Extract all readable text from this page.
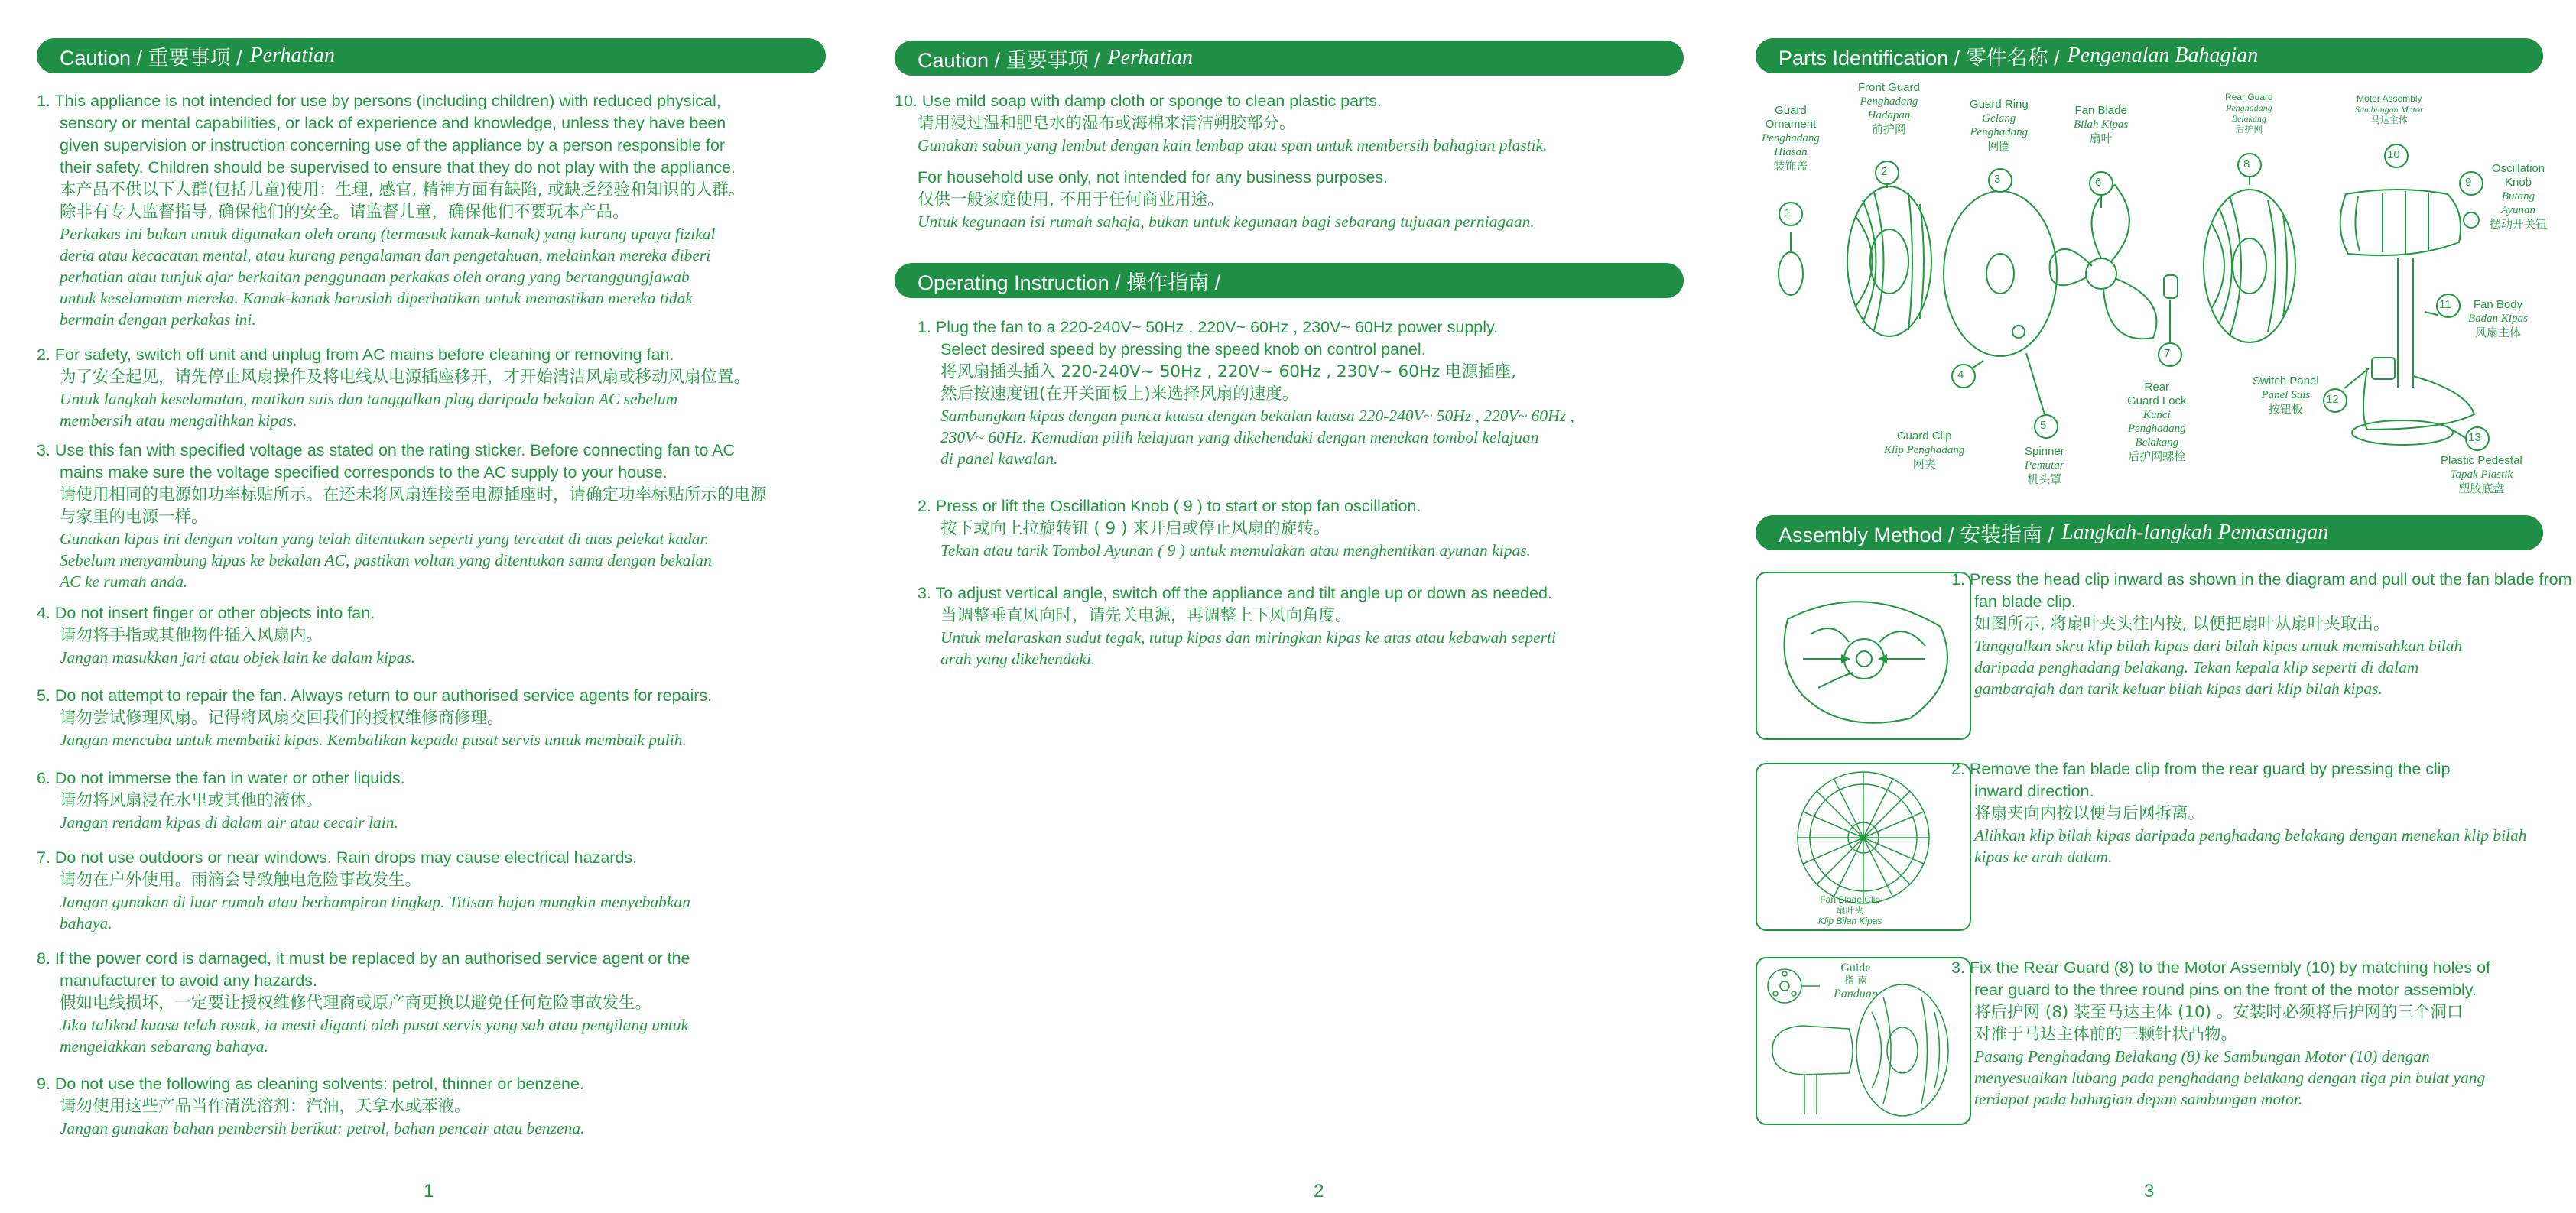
Caution / 重要事项 / Perhatian
1. This appliance is not intended for use by persons (including children) with reduced physical,
sensory or mental capabilities, or lack of experience and knowledge, unless they have been
given supervision or instruction concerning use of the appliance by a person responsible for
their safety. Children should be supervised to ensure that they do not play with the appliance.
本产品不供以下人群(包括儿童)使用：生理, 感官, 精神方面有缺陷, 或缺乏经验和知识的人群。
除非有专人监督指导, 确保他们的安全。请监督儿童，确保他们不要玩本产品。
Perkakas ini bukan untuk digunakan oleh orang (termasuk kanak-kanak) yang kurang upaya fizikal
deria atau kecacatan mental, atau kurang pengalaman dan pengetahuan, melainkan mereka diberi
perhatian atau tunjuk ajar berkaitan penggunaan perkakas oleh orang yang bertanggungjawab
untuk keselamatan mereka. Kanak-kanak haruslah diperhatikan untuk memastikan mereka tidak
bermain dengan perkakas ini.
2. For safety, switch off unit and unplug from AC mains before cleaning or removing fan.
为了安全起见，请先停止风扇操作及将电线从电源插座移开，才开始清洁风扇或移动风扇位置。
Untuk langkah keselamatan, matikan suis dan tanggalkan plag daripada bekalan AC sebelum
membersih atau mengalihkan kipas.
3. Use this fan with specified voltage as stated on the rating sticker. Before connecting fan to AC
mains make sure the voltage specified corresponds to the AC supply to your house.
请使用相同的电源如功率标贴所示。在还未将风扇连接至电源插座时，请确定功率标贴所示的电源
与家里的电源一样。
Gunakan kipas ini dengan voltan yang telah ditentukan seperti yang tercatat di atas pelekat kadar.
Sebelum menyambung kipas ke bekalan AC, pastikan voltan yang ditentukan sama dengan bekalan
AC ke rumah anda.
4. Do not insert finger or other objects into fan.
请勿将手指或其他物件插入风扇内。
Jangan masukkan jari atau objek lain ke dalam kipas.
5. Do not attempt to repair the fan. Always return to our authorised service agents for repairs.
请勿尝试修理风扇。记得将风扇交回我们的授权维修商修理。
Jangan mencuba untuk membaiki kipas. Kembalikan kepada pusat servis untuk membaik pulih.
6. Do not immerse the fan in water or other liquids.
请勿将风扇浸在水里或其他的液体。
Jangan rendam kipas di dalam air atau cecair lain.
7. Do not use outdoors or near windows. Rain drops may cause electrical hazards.
请勿在户外使用。雨滴会导致触电危险事故发生。
Jangan gunakan di luar rumah atau berhampiran tingkap. Titisan hujan mungkin menyebabkan
bahaya.
8. If the power cord is damaged, it must be replaced by an authorised service agent or the
manufacturer to avoid any hazards.
假如电线损坏，一定要让授权维修代理商或原产商更换以避免任何危险事故发生。
Jika talikod kuasa telah rosak, ia mesti diganti oleh pusat servis yang sah atau pengilang untuk
mengelakkan sebarang bahaya.
9. Do not use the following as cleaning solvents: petrol, thinner or benzene.
请勿使用这些产品当作清洗溶剂：汽油，天拿水或苯液。
Jangan gunakan bahan pembersih berikut: petrol, bahan pencair atau benzena.
1
Caution / 重要事项 / Perhatian
10. Use mild soap with damp cloth or sponge to clean plastic parts.
请用浸过温和肥皂水的湿布或海棉来清洁朔胶部分。
Gunakan sabun yang lembut dengan kain lembap atau span untuk membersih bahagian plastik.
For household use only, not intended for any business purposes.
仅供一般家庭使用, 不用于任何商业用途。
Untuk kegunaan isi rumah sahaja, bukan untuk kegunaan bagi sebarang tujuaan perniagaan.
Operating Instruction / 操作指南 /
1. Plug the fan to a 220-240V~ 50Hz , 220V~ 60Hz , 230V~ 60Hz power supply.
Select desired speed by pressing the speed knob on control panel.
将风扇插头插入 220-240V~ 50Hz , 220V~ 60Hz , 230V~ 60Hz 电源插座,
然后按速度钮(在开关面板上)来选择风扇的速度。
Sambungkan kipas dengan punca kuasa dengan bekalan kuasa 220-240V~ 50Hz , 220V~ 60Hz ,
230V~ 60Hz. Kemudian pilih kelajuan yang dikehendaki dengan menekan tombol kelajuan
di panel kawalan.
2. Press or lift the Oscillation Knob ( 9 ) to start or stop fan oscillation.
按下或向上拉旋转钮 ( 9 ) 来开启或停止风扇的旋转。
Tekan atau tarik Tombol Ayunan ( 9 ) untuk memulakan atau menghentikan ayunan kipas.
3. To adjust vertical angle, switch off the appliance and tilt angle up or down as needed.
当调整垂直风向时，请先关电源，再调整上下风向角度。
Untuk melaraskan sudut tegak, tutup kipas dan miringkan kipas ke atas atau kebawah seperti
arah yang dikehendaki.
2
Parts Identification / 零件名称 / Pengenalan Bahagian
1
2
3	6
8
10
9
11
7
12
4
5
13
Guard
Ornament
Penghadang
Hiasan
装饰盖
Front Guard
Penghadang
Hadapan
前护网
Guard Ring
Gelang
Penghadang
网圈
Fan Blade
Bilah Kipas
扇叶
Rear Guard
Penghadang
Belakang
后护网
Motor Assembly
Sambungan Motor
马达主体
Oscillation
Knob
Butang
Ayunan
摆动开关钮
Fan Body
Badan Kipas
风扇主体
Rear
Guard Lock
Kunci
Penghadang
Belakang
后护网螺栓
Switch Panel
Panel Suis
按钮板
Guard Clip
Klip Penghadang
网夹
Spinner
Pemutar
机头罩
Plastic Pedestal
Tapak Plastik
塑胶底盘
Assembly Method / 安装指南 / Langkah-langkah Pemasangan
Fan Blade Clip
扇叶夹
Klip Bilah Kipas
Guide
指 南
Panduan
1. Press the head clip inward as shown in the diagram and pull out the fan blade from
fan blade clip.
如图所示, 将扇叶夹头往内按, 以便把扇叶从扇叶夹取出。
Tanggalkan skru klip bilah kipas dari bilah kipas untuk memisahkan bilah
daripada penghadang belakang. Tekan kepala klip seperti di dalam
gambarajah dan tarik keluar bilah kipas dari klip bilah kipas.
2. Remove the fan blade clip from the rear guard by pressing the clip
inward direction.
将扇夹向内按以便与后网拆离。
Alihkan klip bilah kipas daripada penghadang belakang dengan menekan klip bilah
kipas ke arah dalam.
3. Fix the Rear Guard (8) to the Motor Assembly (10) by matching holes of
rear guard to the three round pins on the front of the motor assembly.
将后护网 (8) 装至马达主体 (10) 。安装时必须将后护网的三个洞口
对准于马达主体前的三颗针状凸物。
Pasang Penghadang Belakang (8) ke Sambungan Motor (10) dengan
menyesuaikan lubang pada penghadang belakang dengan tiga pin bulat yang
terdapat pada bahagian depan sambungan motor.
3
